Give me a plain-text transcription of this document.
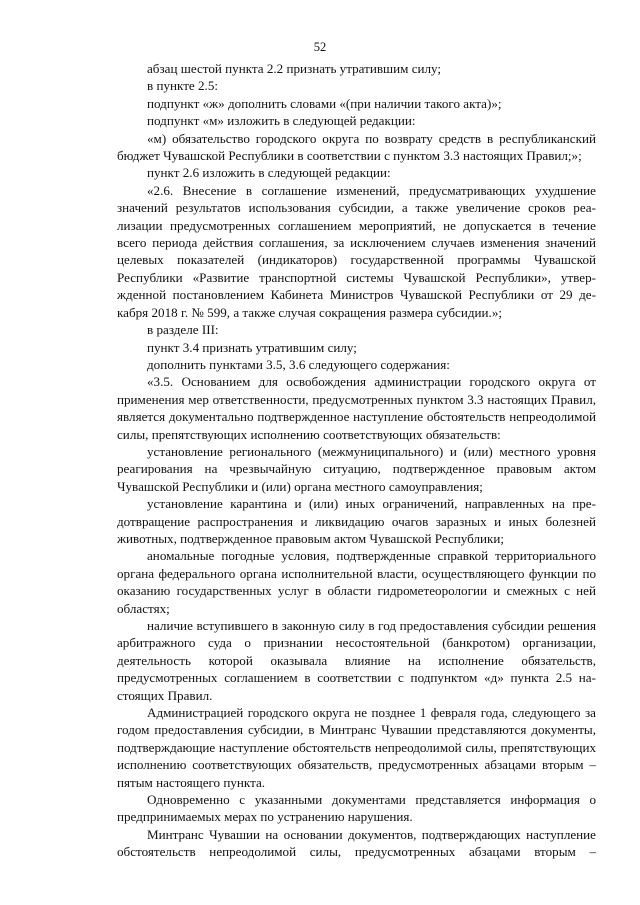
52

абзац шестой пункта 2.2 признать утратившим силу;

в пункте 2.5:

подпункт «ж» дополнить словами «(при наличии такого акта)»;

подпункт «м» изложить в следующей редакции:

«м) обязательство городского округа по возврату средств в республиканский бюджет Чувашской Республики в соответствии с пунктом 3.3 настоящих Правил;»;

пункт 2.6 изложить в следующей редакции:

«2.6. Внесение в соглашение изменений, предусматривающих ухудшение значений результатов использования субсидии, а также увеличение сроков реализации предусмотренных соглашением мероприятий, не допускается в течение всего периода действия соглашения, за исключением случаев изменения значений целевых показателей (индикаторов) государственной программы Чувашской Республики «Развитие транспортной системы Чувашской Республики», утвержденной постановлением Кабинета Министров Чувашской Республики от 29 декабря 2018 г. № 599, а также случая сокращения размера субсидии.»;

в разделе III:

пункт 3.4 признать утратившим силу;

дополнить пунктами 3.5, 3.6 следующего содержания:

«3.5. Основанием для освобождения администрации городского округа от применения мер ответственности, предусмотренных пунктом 3.3 настоящих Правил, является документально подтвержденное наступление обстоятельств непреодолимой силы, препятствующих исполнению соответствующих обязательств:

установление регионального (межмуниципального) и (или) местного уровня реагирования на чрезвычайную ситуацию, подтвержденное правовым актом Чувашской Республики и (или) органа местного самоуправления;

установление карантина и (или) иных ограничений, направленных на предотвращение распространения и ликвидацию очагов заразных и иных болезней животных, подтвержденное правовым актом Чувашской Республики;

аномальные погодные условия, подтвержденные справкой территориального органа федерального органа исполнительной власти, осуществляющего функции по оказанию государственных услуг в области гидрометеорологии и смежных с ней областях;

наличие вступившего в законную силу в год предоставления субсидии решения арбитражного суда о признании несостоятельной (банкротом) организации, деятельность которой оказывала влияние на исполнение обязательств, предусмотренных соглашением в соответствии с подпунктом «д» пункта 2.5 настоящих Правил.

Администрацией городского округа не позднее 1 февраля года, следующего за годом предоставления субсидии, в Минтранс Чувашии представляются документы, подтверждающие наступление обстоятельств непреодолимой силы, препятствующих исполнению соответствующих обязательств, предусмотренных абзацами вторым – пятым настоящего пункта.

Одновременно с указанными документами представляется информация о предпринимаемых мерах по устранению нарушения.

Минтранс Чувашии на основании документов, подтверждающих наступление обстоятельств непреодолимой силы, предусмотренных абзацами вторым –
